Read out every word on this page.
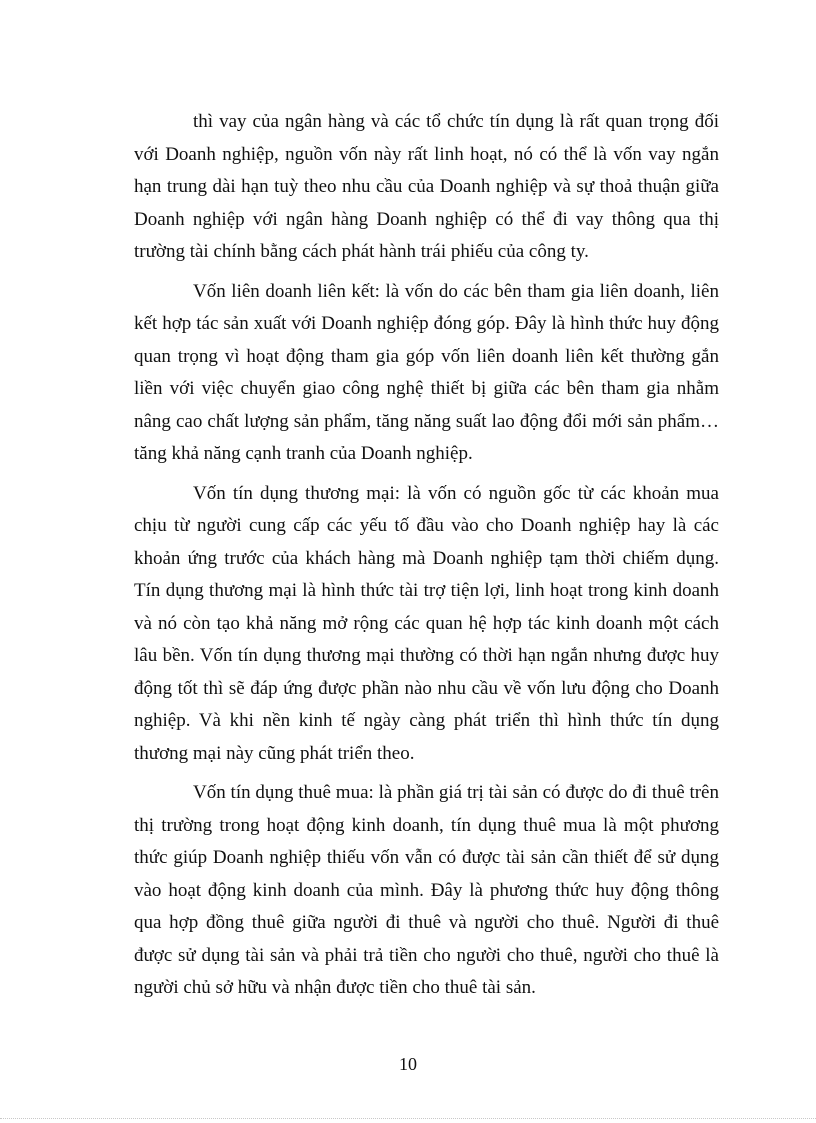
thì vay của ngân hàng và các tổ chức tín dụng là rất quan trọng đối với Doanh nghiệp, nguồn vốn này rất linh hoạt, nó có thể là vốn vay ngắn hạn trung dài hạn tuỳ theo nhu cầu của Doanh nghiệp và sự thoả thuận giữa Doanh nghiệp với ngân hàng Doanh nghiệp có thể đi vay thông qua thị trường tài chính bằng cách phát hành trái phiếu của công ty.

Vốn liên doanh liên kết: là vốn do các bên tham gia liên doanh, liên kết hợp tác sản xuất với Doanh nghiệp đóng góp. Đây là hình thức huy động quan trọng vì hoạt động tham gia góp vốn liên doanh liên kết thường gắn liền với việc chuyển giao công nghệ thiết bị giữa các bên tham gia nhằm nâng cao chất lượng sản phẩm, tăng năng suất lao động đổi mới sản phẩm…tăng khả năng cạnh tranh của Doanh nghiệp.

Vốn tín dụng thương mại: là vốn có nguồn gốc từ các khoản mua chịu từ người cung cấp các yếu tố đầu vào cho Doanh nghiệp hay là các khoản ứng trước của khách hàng mà Doanh nghiệp tạm thời chiếm dụng. Tín dụng thương mại là hình thức tài trợ tiện lợi, linh hoạt trong kinh doanh và nó còn tạo khả năng mở rộng các quan hệ hợp tác kinh doanh một cách lâu bền. Vốn tín dụng thương mại thường có thời hạn ngắn nhưng được huy động tốt thì sẽ đáp ứng được phần nào nhu cầu về vốn lưu động cho Doanh nghiệp. Và khi nền kinh tế ngày càng phát triển thì hình thức tín dụng thương mại này cũng phát triển theo.

Vốn tín dụng thuê mua: là phần giá trị tài sản có được do đi thuê trên thị trường trong hoạt động kinh doanh, tín dụng thuê mua là một phương thức giúp Doanh nghiệp thiếu vốn vẫn có được tài sản cần thiết để sử dụng vào hoạt động kinh doanh của mình. Đây là phương thức huy động thông qua hợp đồng thuê giữa người đi thuê và người cho thuê. Người đi thuê được sử dụng tài sản và phải trả tiền cho người cho thuê, người cho thuê là người chủ sở hữu và nhận được tiền cho thuê tài sản.

10
